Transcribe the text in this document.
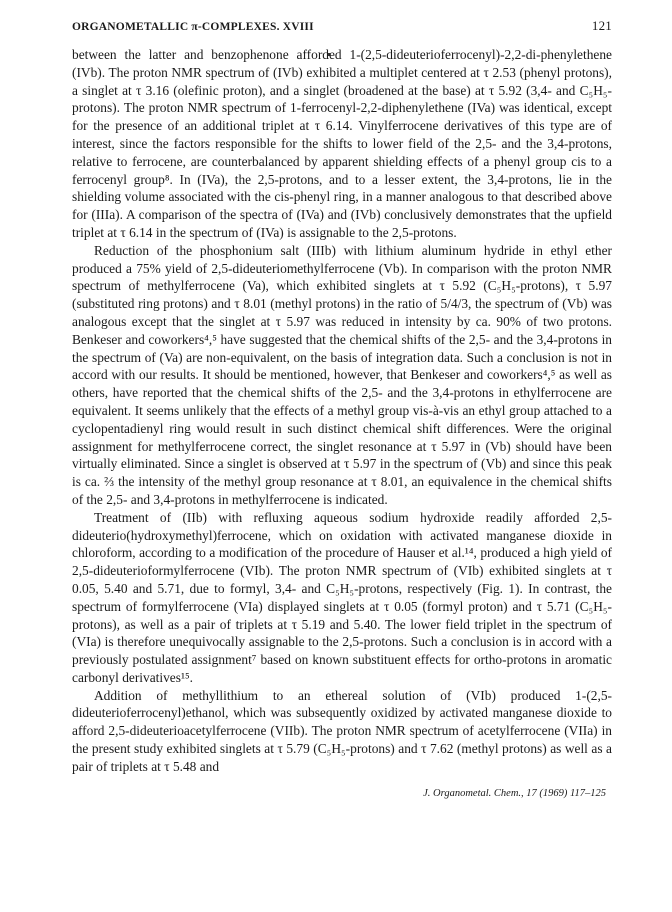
ORGANOMETALLIC π-COMPLEXES. XVIII	121

between the latter and benzophenone afforded 1-(2,5-dideuterioferrocenyl)-2,2-di-phenylethene (IVb). The proton NMR spectrum of (IVb) exhibited a multiplet centered at τ 2.53 (phenyl protons), a singlet at τ 3.16 (olefinic proton), and a singlet (broadened at the base) at τ 5.92 (3,4- and C₅H₅-protons). The proton NMR spectrum of 1-ferrocenyl-2,2-diphenylethene (IVa) was identical, except for the presence of an additional triplet at τ 6.14. Vinylferrocene derivatives of this type are of interest, since the factors responsible for the shifts to lower field of the 2,5- and the 3,4-protons, relative to ferrocene, are counterbalanced by apparent shielding effects of a phenyl group cis to a ferrocenyl group⁸. In (IVa), the 2,5-protons, and to a lesser extent, the 3,4-protons, lie in the shielding volume associated with the cis-phenyl ring, in a manner analogous to that described above for (IIIa). A comparison of the spectra of (IVa) and (IVb) conclusively demonstrates that the upfield triplet at τ 6.14 in the spectrum of (IVa) is assignable to the 2,5-protons.

Reduction of the phosphonium salt (IIIb) with lithium aluminum hydride in ethyl ether produced a 75% yield of 2,5-dideuteriomethylferrocene (Vb). In comparison with the proton NMR spectrum of methylferrocene (Va), which exhibited singlets at τ 5.92 (C₅H₅-protons), τ 5.97 (substituted ring protons) and τ 8.01 (methyl protons) in the ratio of 5/4/3, the spectrum of (Vb) was analogous except that the singlet at τ 5.97 was reduced in intensity by ca. 90% of two protons. Benkeser and coworkers⁴,⁵ have suggested that the chemical shifts of the 2,5- and the 3,4-protons in the spectrum of (Va) are non-equivalent, on the basis of integration data. Such a conclusion is not in accord with our results. It should be mentioned, however, that Benkeser and coworkers⁴,⁵ as well as others, have reported that the chemical shifts of the 2,5- and the 3,4-protons in ethylferrocene are equivalent. It seems unlikely that the effects of a methyl group vis-à-vis an ethyl group attached to a cyclopentadienyl ring would result in such distinct chemical shift differences. Were the original assignment for methylferrocene correct, the singlet resonance at τ 5.97 in (Vb) should have been virtually eliminated. Since a singlet is observed at τ 5.97 in the spectrum of (Vb) and since this peak is ca. ⅔ the intensity of the methyl group resonance at τ 8.01, an equivalence in the chemical shifts of the 2,5- and 3,4-protons in methylferrocene is indicated.

Treatment of (IIb) with refluxing aqueous sodium hydroxide readily afforded 2,5-dideuterio(hydroxymethyl)ferrocene, which on oxidation with activated manganese dioxide in chloroform, according to a modification of the procedure of Hauser et al.¹⁴, produced a high yield of 2,5-dideuterioformylferrocene (VIb). The proton NMR spectrum of (VIb) exhibited singlets at τ 0.05, 5.40 and 5.71, due to formyl, 3,4- and C₅H₅-protons, respectively (Fig. 1). In contrast, the spectrum of formylferrocene (VIa) displayed singlets at τ 0.05 (formyl proton) and τ 5.71 (C₅H₅-protons), as well as a pair of triplets at τ 5.19 and 5.40. The lower field triplet in the spectrum of (VIa) is therefore unequivocally assignable to the 2,5-protons. Such a conclusion is in accord with a previously postulated assignment⁷ based on known substituent effects for ortho-protons in aromatic carbonyl derivatives¹⁵.

Addition of methyllithium to an ethereal solution of (VIb) produced 1-(2,5-dideuterioferrocenyl)ethanol, which was subsequently oxidized by activated manganese dioxide to afford 2,5-dideuterioacetylferrocene (VIIb). The proton NMR spectrum of acetylferrocene (VIIa) in the present study exhibited singlets at τ 5.79 (C₅H₅-protons) and τ 7.62 (methyl protons) as well as a pair of triplets at τ 5.48 and

J. Organometal. Chem., 17 (1969) 117–125
